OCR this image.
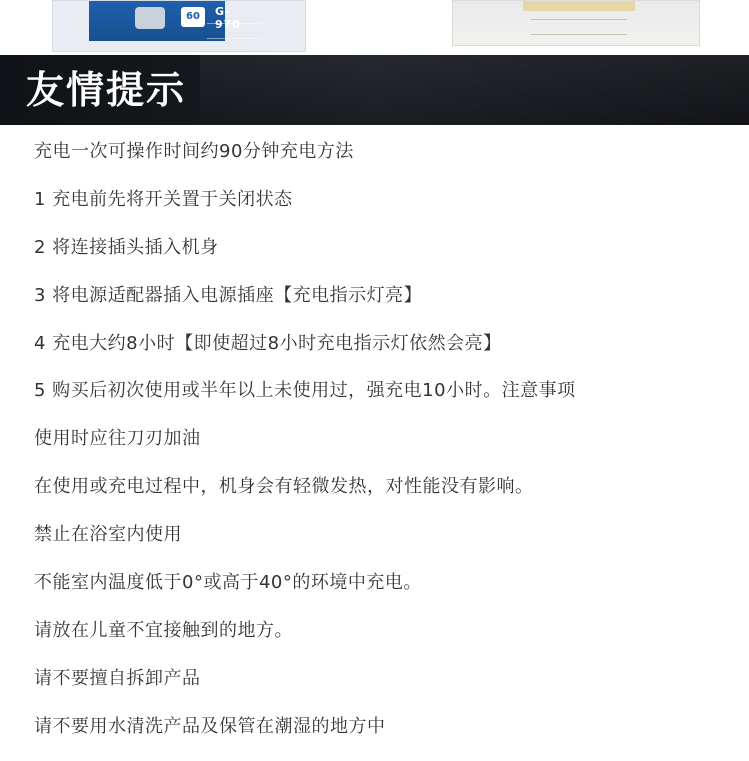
60	G-970
友情提示
充电一次可操作时间约90分钟充电方法
1 充电前先将开关置于关闭状态
2 将连接插头插入机身
3 将电源适配器插入电源插座【充电指示灯亮】
4 充电大约8小时【即使超过8小时充电指示灯依然会亮】
5 购买后初次使用或半年以上未使用过，强充电10小时。注意事项
使用时应往刀刃加油
在使用或充电过程中，机身会有轻微发热，对性能没有影响。
禁止在浴室内使用
不能室内温度低于0°或高于40°的环境中充电。
请放在儿童不宜接触到的地方。
请不要擅自拆卸产品
请不要用水清洗产品及保管在潮湿的地方中
